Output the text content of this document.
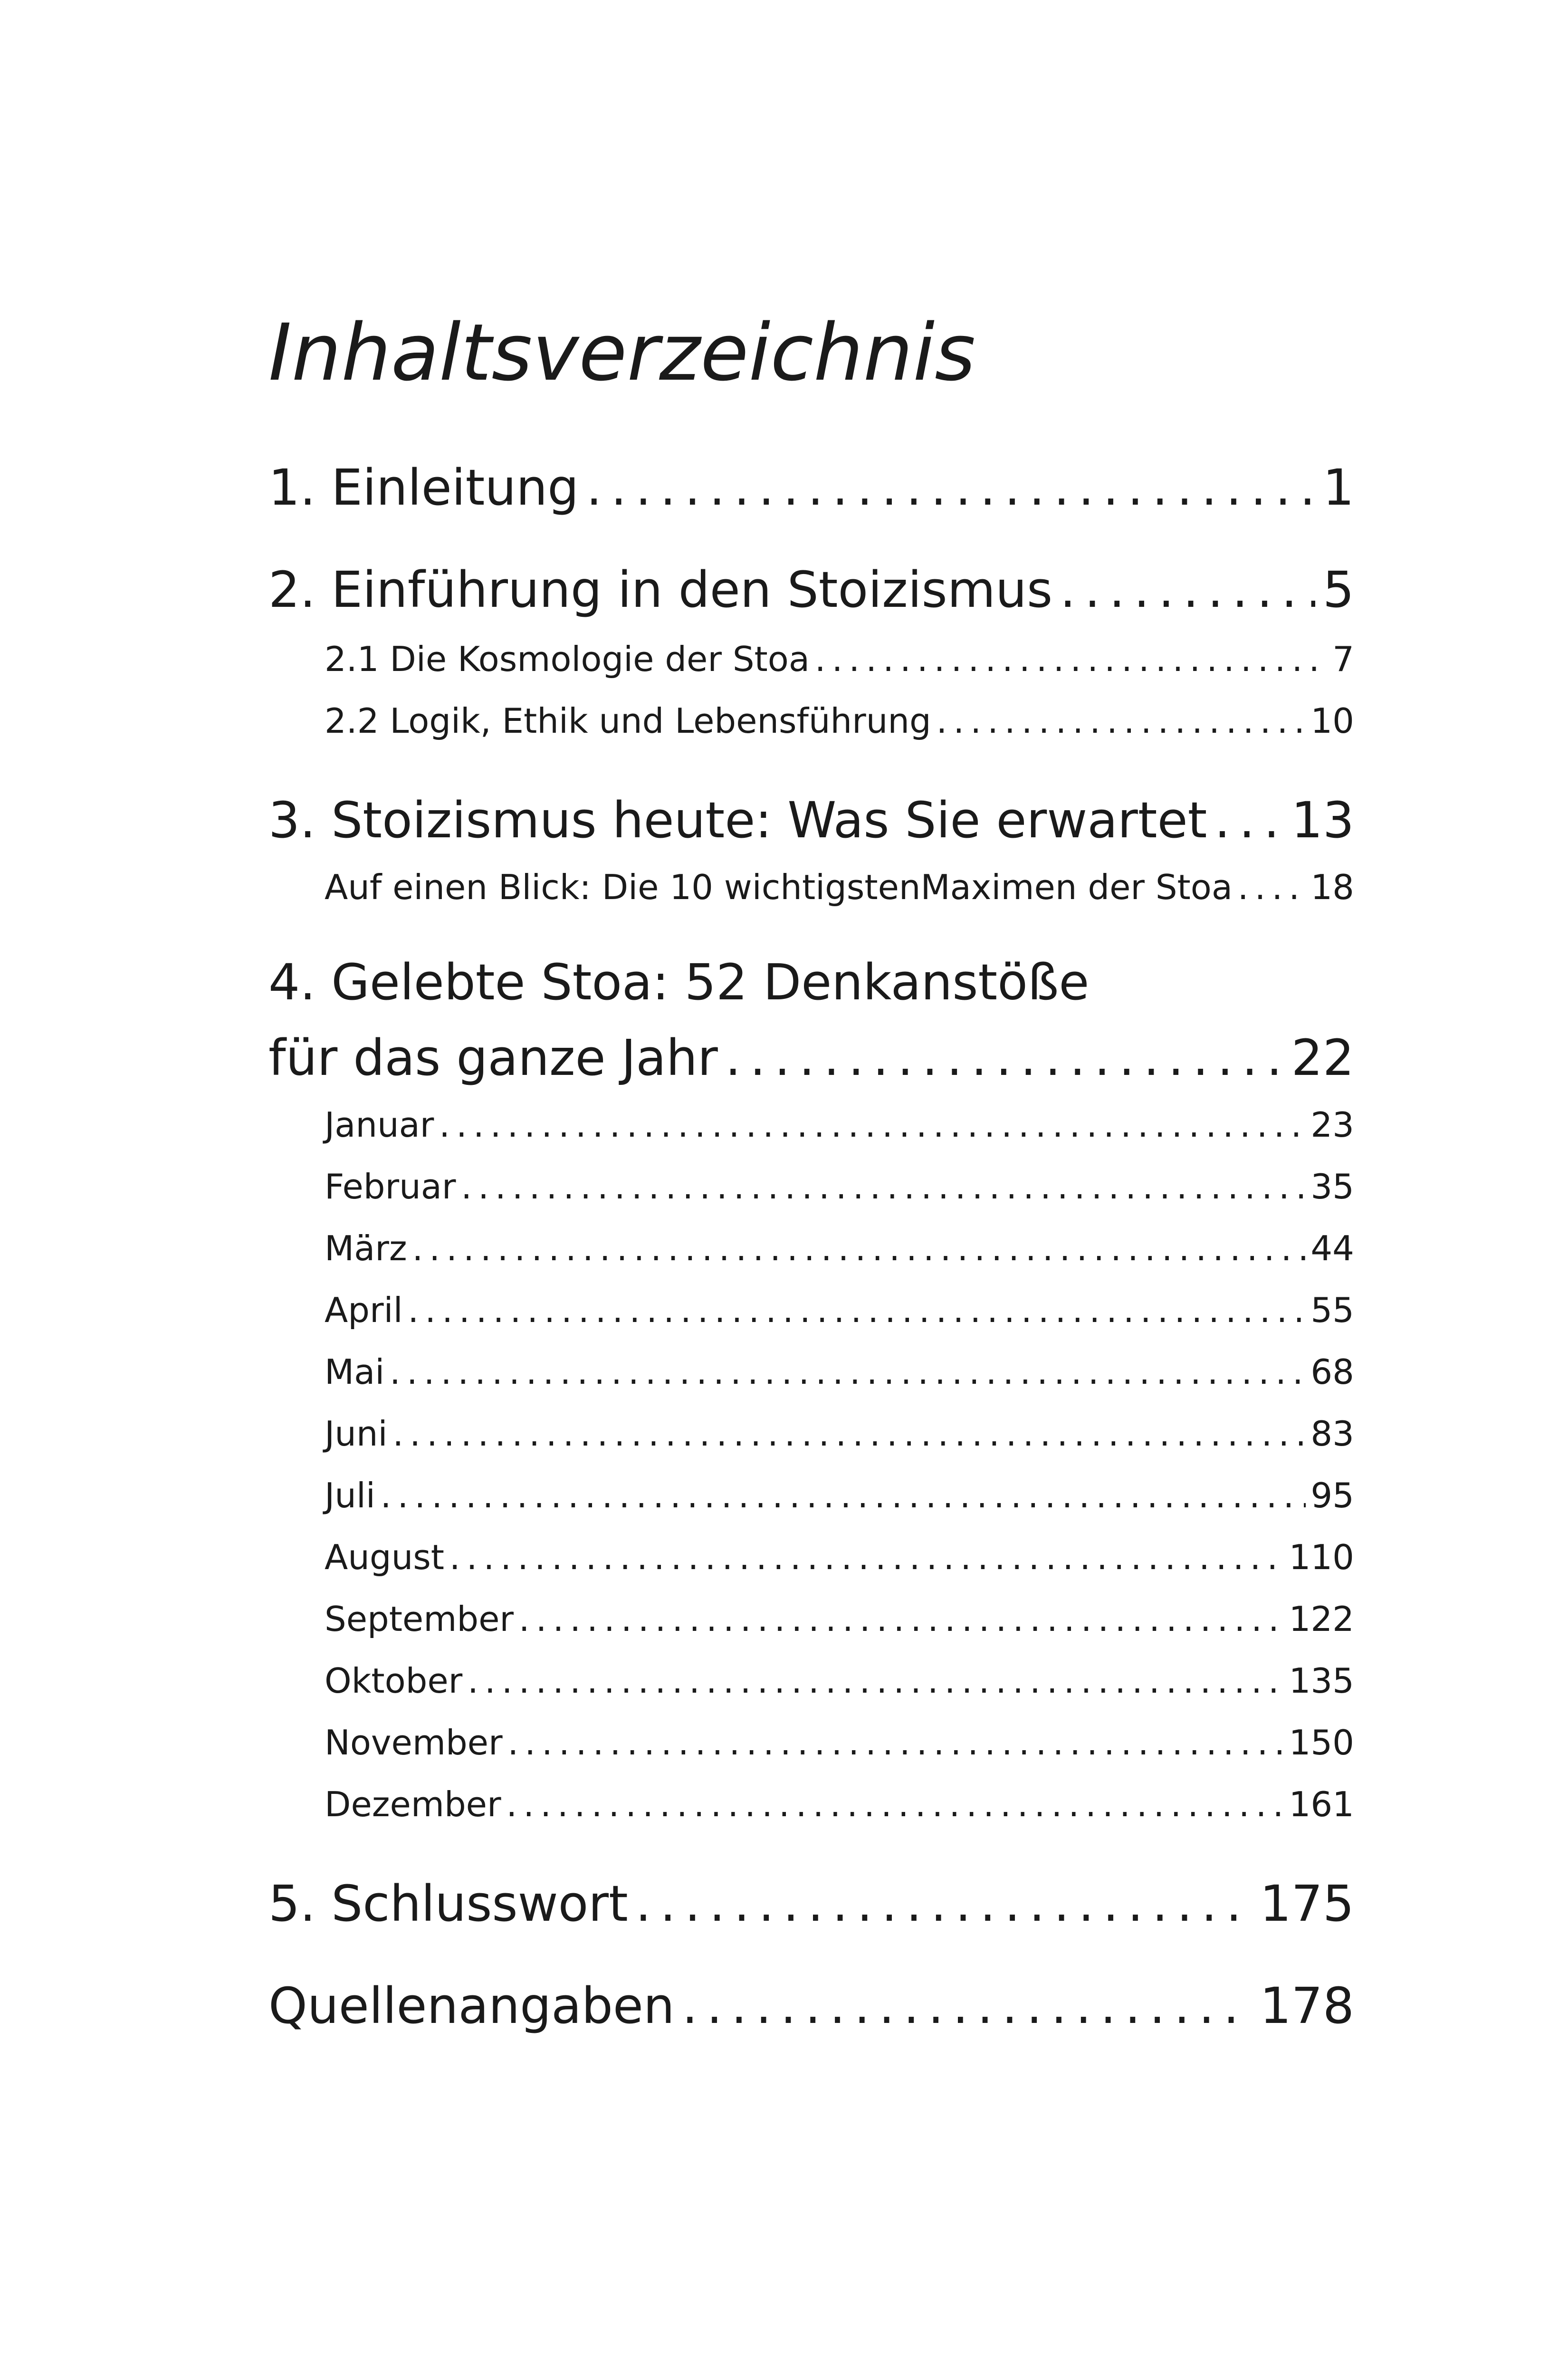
Inhaltsverzeichnis
1. Einleitung .....	1
2. Einführung in den Stoizismus .....	5
2.1 Die Kosmologie der Stoa .....	7
2.2 Logik, Ethik und Lebensführung .....	10
3. Stoizismus heute: Was Sie erwartet ..... 13
Auf einen Blick: Die 10 wichtigstenMaximen der Stoa ..... 18
4. Gelebte Stoa: 52 Denkanstöße
für das ganze Jahr .....	22
Januar .....	23
Februar .....	35
März .....	44
April .....	55
Mai .....	68
Juni .....	83
Juli .....	95
August .....	110
September .....	122
Oktober .....	135
November .....	150
Dezember .....	161
5. Schlusswort .....	175
Quellenangaben .....	178
